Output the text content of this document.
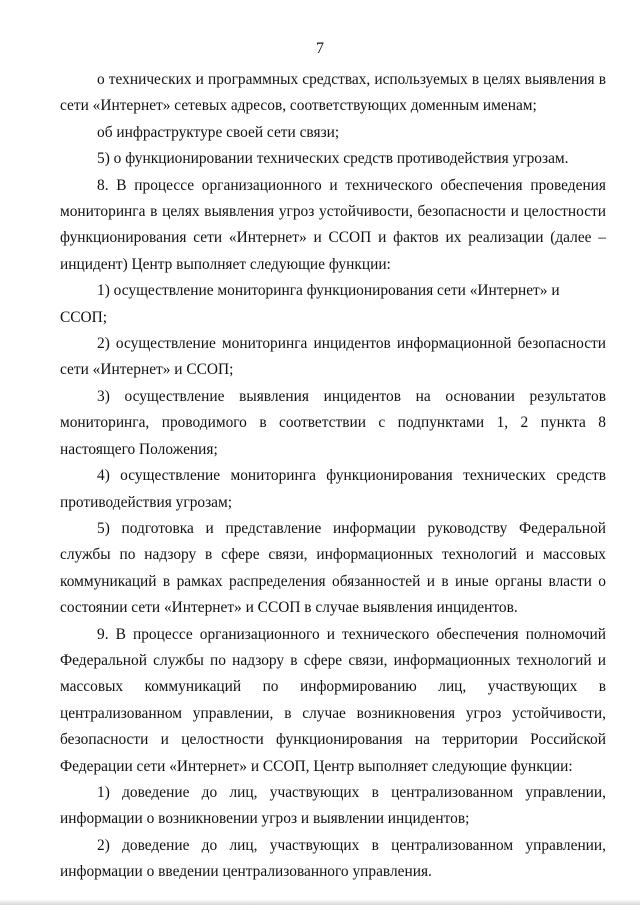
7

о технических и программных средствах, используемых в целях выявления в сети «Интернет» сетевых адресов, соответствующих доменным именам;

об инфраструктуре своей сети связи;

5) о функционировании технических средств противодействия угрозам.

8. В процессе организационного и технического обеспечения проведения мониторинга в целях выявления угроз устойчивости, безопасности и целостности функционирования сети «Интернет» и ССОП и фактов их реализации (далее – инцидент) Центр выполняет следующие функции:

1) осуществление мониторинга функционирования сети «Интернет» и ССОП;

2) осуществление мониторинга инцидентов информационной безопасности сети «Интернет» и ССОП;

3) осуществление выявления инцидентов на основании результатов мониторинга, проводимого в соответствии с подпунктами 1, 2 пункта 8 настоящего Положения;

4) осуществление мониторинга функционирования технических средств противодействия угрозам;

5) подготовка и представление информации руководству Федеральной службы по надзору в сфере связи, информационных технологий и массовых коммуникаций в рамках распределения обязанностей и в иные органы власти о состоянии сети «Интернет» и ССОП в случае выявления инцидентов.

9. В процессе организационного и технического обеспечения полномочий Федеральной службы по надзору в сфере связи, информационных технологий и массовых коммуникаций по информированию лиц, участвующих в централизованном управлении, в случае возникновения угроз устойчивости, безопасности и целостности функционирования на территории Российской Федерации сети «Интернет» и ССОП, Центр выполняет следующие функции:

1) доведение до лиц, участвующих в централизованном управлении, информации о возникновении угроз и выявлении инцидентов;

2) доведение до лиц, участвующих в централизованном управлении, информации о введении централизованного управления.
